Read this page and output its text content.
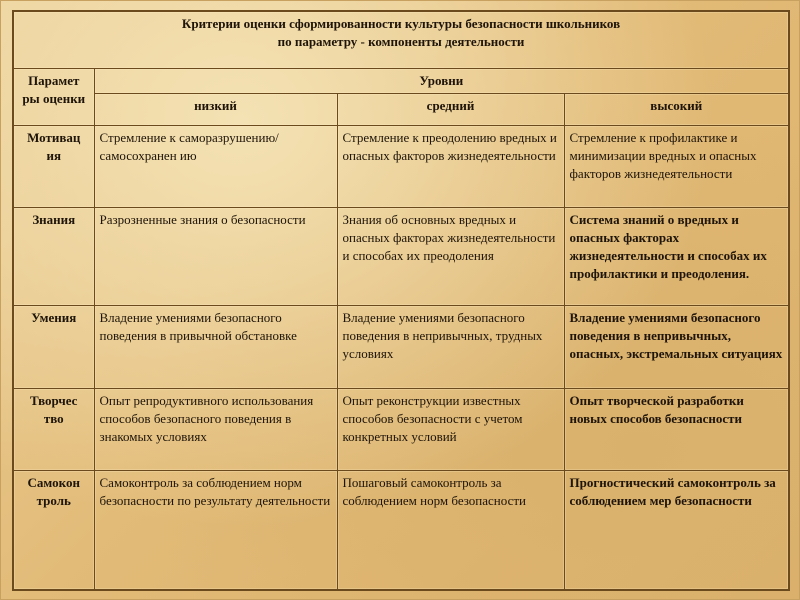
Критерии оценки сформированности культуры безопасности школьников
по параметру - компоненты деятельности			

Парамет ры оценки	Уровни		
	низкий	средний	высокий
Мотивац ия	Стремление к саморазрушению/самосохранен ию	Стремление к преодолению вредных и опасных факторов жизнедеятельности	Стремление к профилактике и минимизации вредных и опасных факторов жизнедеятельности
Знания	Разрозненные знания о безопасности	Знания об основных вредных и опасных факторах жизнедеятельности и способах их преодоления	Система знаний о вредных и опасных факторах жизнедеятельности и способах их профилактики и преодоления.
Умения	Владение умениями безопасного поведения в привычной обстановке	Владение умениями безопасного поведения в непривычных, трудных условиях	Владение умениями безопасного поведения в непривычных, опасных, экстремальных ситуациях
Творчес тво	Опыт репродуктивного использования способов безопасного поведения в знакомых условиях	Опыт реконструкции известных способов безопасности с учетом конкретных условий	Опыт творческой разработки новых способов безопасности
Самокон троль	Самоконтроль за соблюдением норм безопасности по результату деятельности	Пошаговый самоконтроль за соблюдением норм безопасности	Прогностический самоконтроль за соблюдением мер безопасности
